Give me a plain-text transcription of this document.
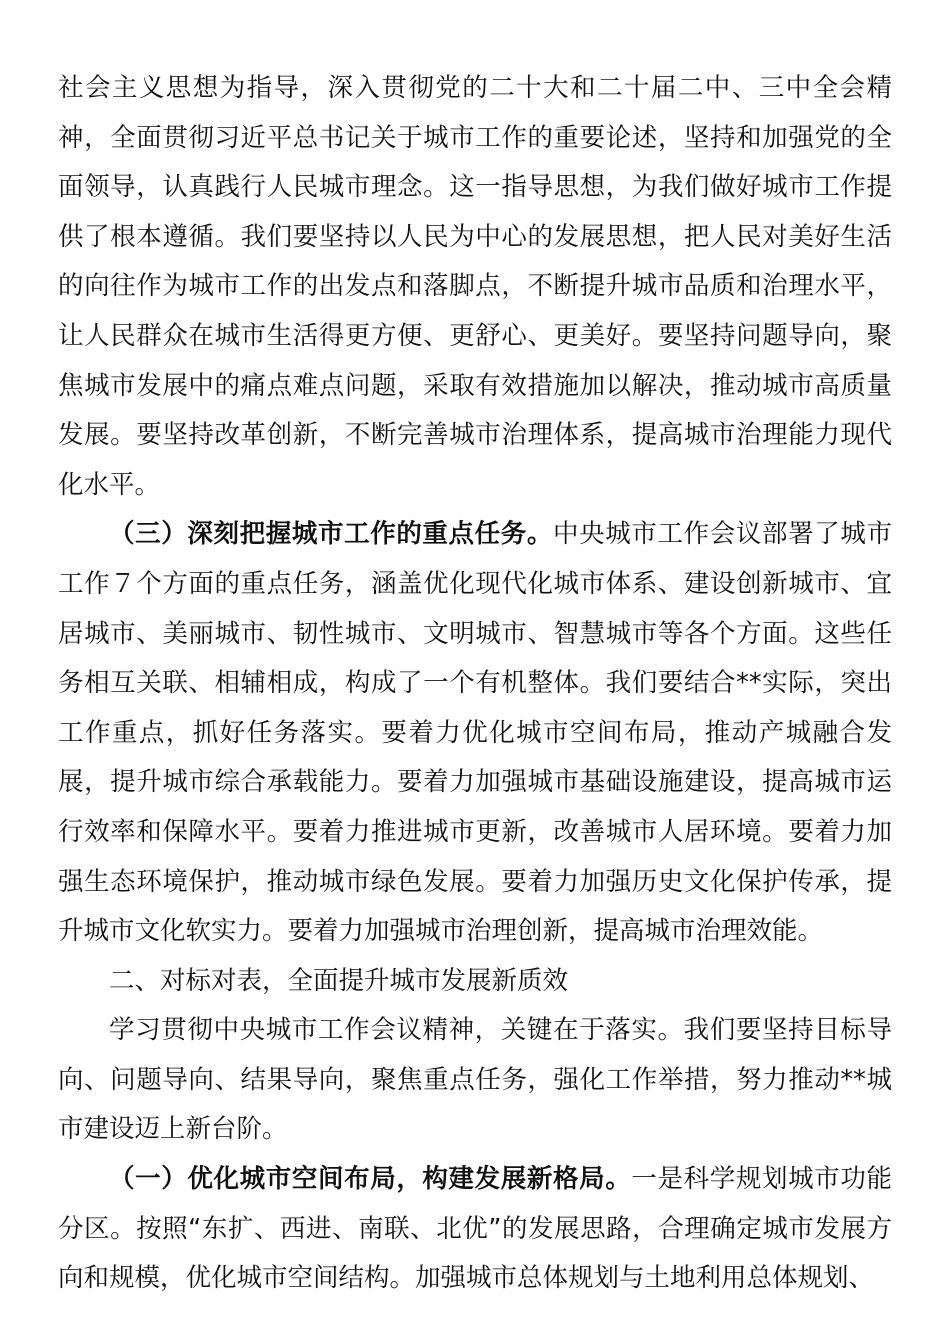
社会主义思想为指导，深入贯彻党的二十大和二十届二中、三中全会精神，全面贯彻习近平总书记关于城市工作的重要论述，坚持和加强党的全面领导，认真践行人民城市理念。这一指导思想，为我们做好城市工作提供了根本遵循。我们要坚持以人民为中心的发展思想，把人民对美好生活的向往作为城市工作的出发点和落脚点，不断提升城市品质和治理水平，让人民群众在城市生活得更方便、更舒心、更美好。要坚持问题导向，聚焦城市发展中的痛点难点问题，采取有效措施加以解决，推动城市高质量发展。要坚持改革创新，不断完善城市治理体系，提高城市治理能力现代化水平。

（三）深刻把握城市工作的重点任务。中央城市工作会议部署了城市工作７个方面的重点任务，涵盖优化现代化城市体系、建设创新城市、宜居城市、美丽城市、韧性城市、文明城市、智慧城市等各个方面。这些任务相互关联、相辅相成，构成了一个有机整体。我们要结合**实际，突出工作重点，抓好任务落实。要着力优化城市空间布局，推动产城融合发展，提升城市综合承载能力。要着力加强城市基础设施建设，提高城市运行效率和保障水平。要着力推进城市更新，改善城市人居环境。要着力加强生态环境保护，推动城市绿色发展。要着力加强历史文化保护传承，提升城市文化软实力。要着力加强城市治理创新，提高城市治理效能。

二、对标对表，全面提升城市发展新质效

学习贯彻中央城市工作会议精神，关键在于落实。我们要坚持目标导向、问题导向、结果导向，聚焦重点任务，强化工作举措，努力推动**城市建设迈上新台阶。

（一）优化城市空间布局，构建发展新格局。一是科学规划城市功能分区。按照“东扩、西进、南联、北优”的发展思路，合理确定城市发展方向和规模，优化城市空间结构。加强城市总体规划与土地利用总体规划、
